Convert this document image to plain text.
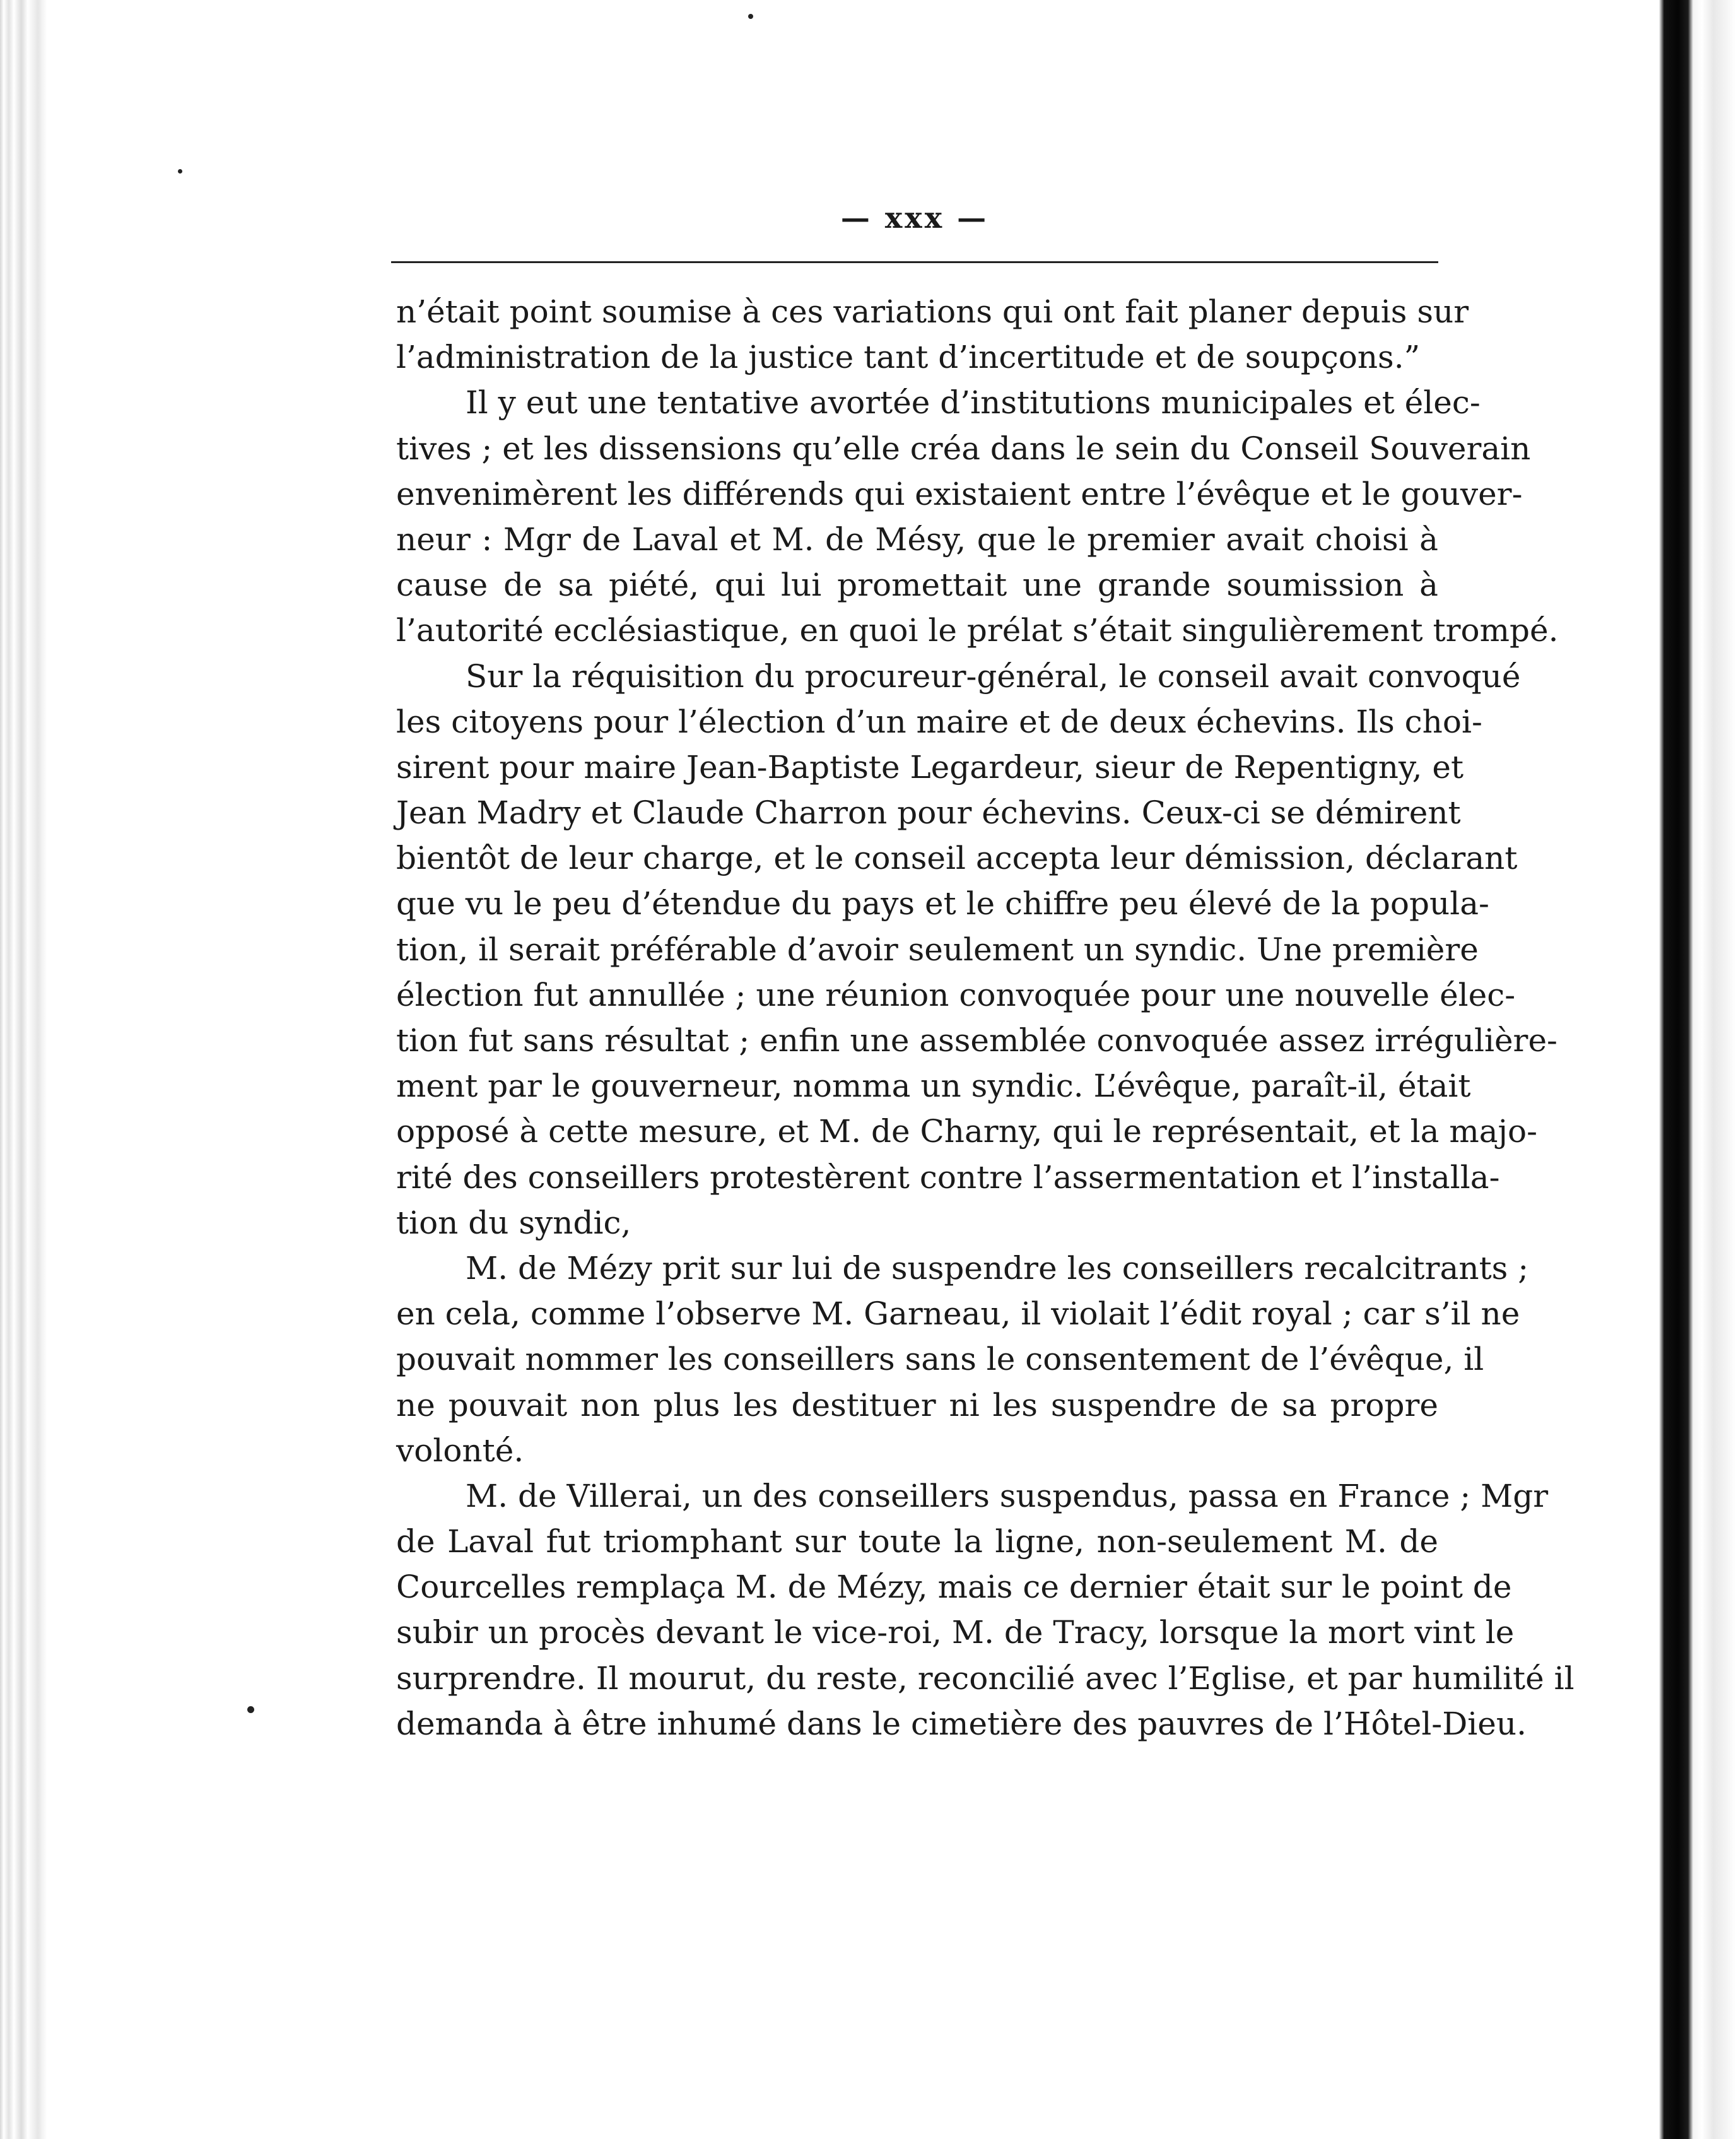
— xxx —
n’était point soumise à ces variations qui ont fait planer depuis sur
l’administration de la justice tant d’incertitude et de soupçons.”
Il y eut une tentative avortée d’institutions municipales et élec-
tives ; et les dissensions qu’elle créa dans le sein du Conseil Souverain
envenimèrent les différends qui existaient entre l’évêque et le gouver-
neur : Mgr de Laval et M. de Mésy, que le premier avait choisi à
cause de sa piété, qui lui promettait une grande soumission à
l’autorité ecclésiastique, en quoi le prélat s’était singulièrement trompé.
Sur la réquisition du procureur-général, le conseil avait convoqué
les citoyens pour l’élection d’un maire et de deux échevins. Ils choi-
sirent pour maire Jean-Baptiste Legardeur, sieur de Repentigny, et
Jean Madry et Claude Charron pour échevins. Ceux-ci se démirent
bientôt de leur charge, et le conseil accepta leur démission, déclarant
que vu le peu d’étendue du pays et le chiffre peu élevé de la popula-
tion, il serait préférable d’avoir seulement un syndic. Une première
élection fut annullée ; une réunion convoquée pour une nouvelle élec-
tion fut sans résultat ; enfin une assemblée convoquée assez irrégulière-
ment par le gouverneur, nomma un syndic. L’évêque, paraît-il, était
opposé à cette mesure, et M. de Charny, qui le représentait, et la majo-
rité des conseillers protestèrent contre l’assermentation et l’installa-
tion du syndic,
M. de Mézy prit sur lui de suspendre les conseillers recalcitrants ;
en cela, comme l’observe M. Garneau, il violait l’édit royal ; car s’il ne
pouvait nommer les conseillers sans le consentement de l’évêque, il
ne pouvait non plus les destituer ni les suspendre de sa propre
volonté.
M. de Villerai, un des conseillers suspendus, passa en France ; Mgr
de Laval fut triomphant sur toute la ligne, non-seulement M. de
Courcelles remplaça M. de Mézy, mais ce dernier était sur le point de
subir un procès devant le vice-roi, M. de Tracy, lorsque la mort vint le
surprendre. Il mourut, du reste, reconcilié avec l’Eglise, et par humilité il
demanda à être inhumé dans le cimetière des pauvres de l’Hôtel-Dieu.
